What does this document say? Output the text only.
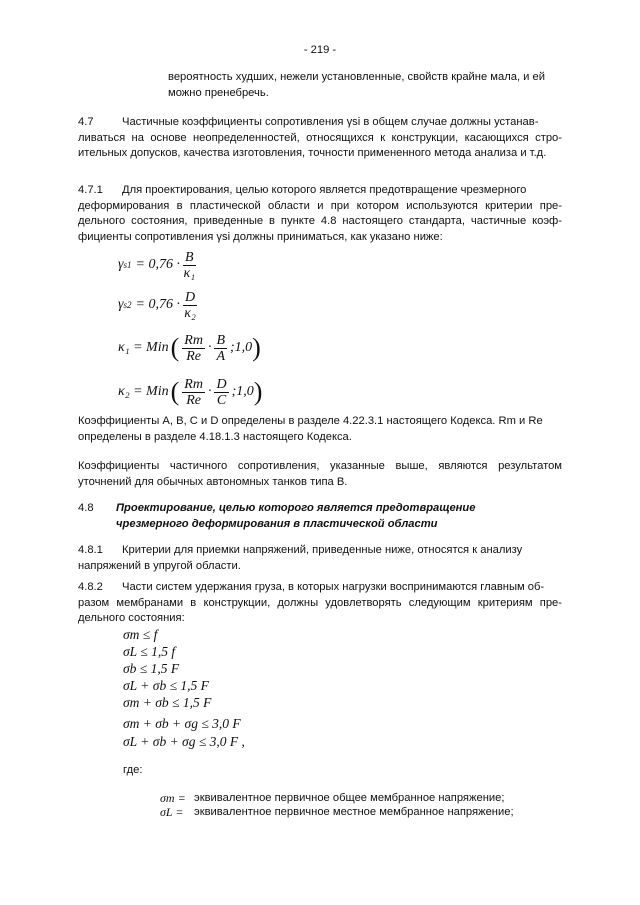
- 219 -
вероятность худших, нежели установленные, свойств крайне мала, и ей
можно пренебречь.
4.7	Частичные коэффициенты сопротивления γsi в общем случае должны устанав-
ливаться на основе неопределенностей, относящихся к конструкции, касающихся стро-ительных допусков, качества изготовления, точности примененного метода анализа и т.д.
4.7.1	Для проектирования, целью которого является предотвращение чрезмерного
деформирования в пластической области и при котором используются критерии пре-дельного состояния, приведенные в пункте 4.8 настоящего стандарта, частичные коэф-фициенты сопротивления γsi должны приниматься, как указано ниже:
γ $s1 = 0,76 \cdot \frac{B}{\text{κ₁}}$
γ $s2 = 0,76 \cdot \frac{D}{\text{κ₂}}$
κ₁ = Min ( $\frac{Rm}{Re} \cdot \frac{B}{A}$ ;1,0 )
κ₂ = Min ( $\frac{Rm}{Re} \cdot \frac{D}{C}$ ;1,0 )
Коэффициенты A, B, C и D определены в разделе 4.22.3.1 настоящего Кодекса. Rm и Re
определены в разделе 4.18.1.3 настоящего Кодекса.
Коэффициенты частичного сопротивления, указанные выше, являются результатом уточнений для обычных автономных танков типа B.
4.8	Проектирование, целью которого является предотвращение
чрезмерного деформирования в пластической области
4.8.1	Критерии для приемки напряжений, приведенные ниже, относятся к анализу
напряжений в упругой области.
4.8.2	Части систем удержания груза, в которых нагрузки воспринимаются главным об-
разом мембранами в конструкции, должны удовлетворять следующим критериям пре-дельного состояния:
σm ≤ f
σL ≤ 1,5 f
σb ≤ 1,5 F
σL + σb ≤ 1,5 F
σm + σb ≤ 1,5 F
σm + σb + σg ≤ 3,0 F
σL + σb + σg ≤ 3,0 F ,
где:
σm = эквивалентное первичное общее мембранное напряжение;
σL = эквивалентное первичное местное мембранное напряжение;
